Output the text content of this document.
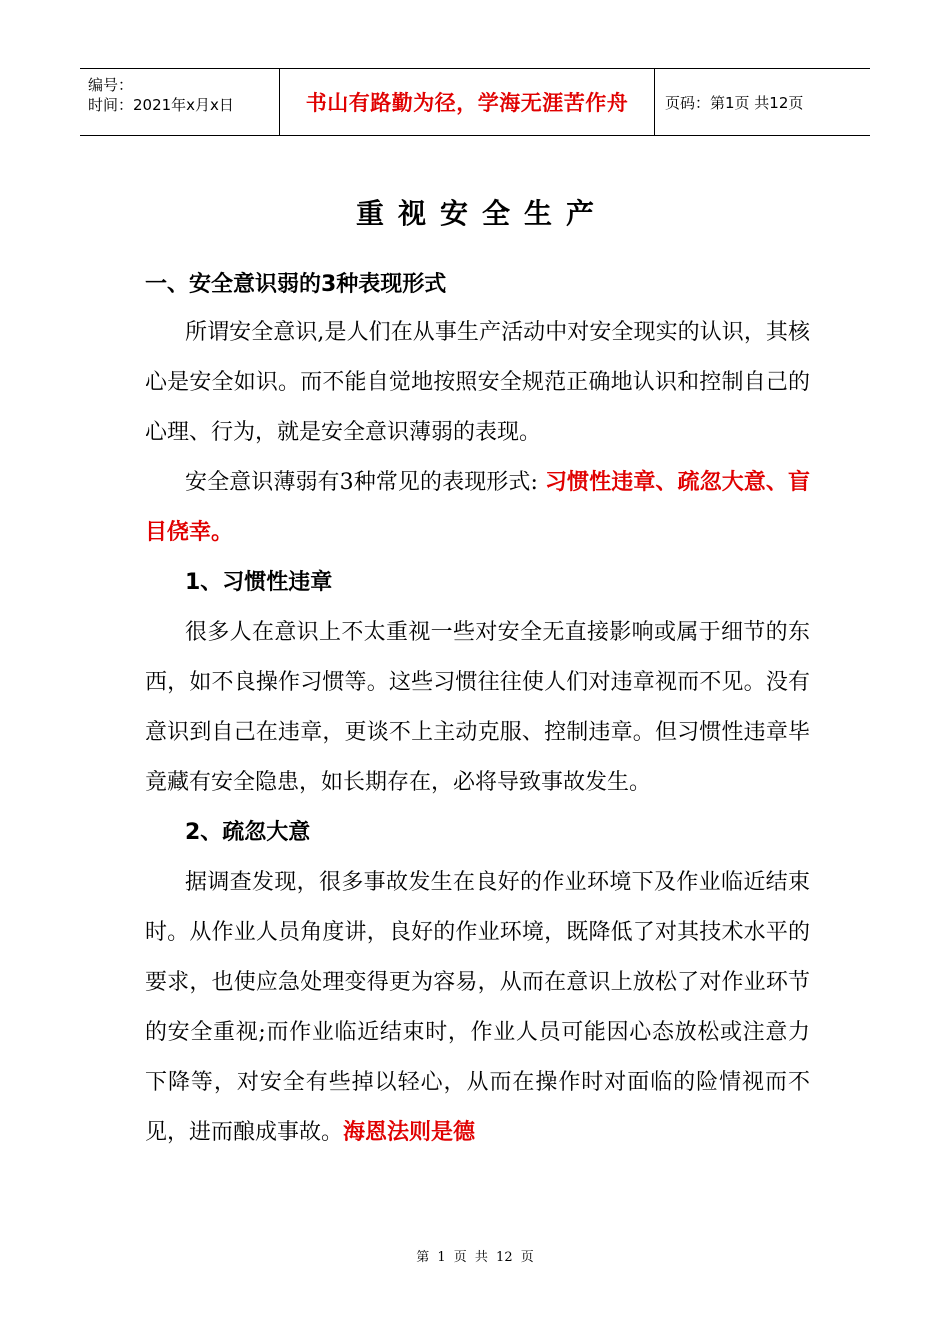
编号：
时间：2021年x月x日	书山有路勤为径，学海无涯苦作舟 页码：第1页 共12页
重视安全生产

一、安全意识弱的3种表现形式

所谓安全意识,是人们在从事生产活动中对安全现实的认识，其核心是安全如识。而不能自觉地按照安全规范正确地认识和控制自己的心理、行为，就是安全意识薄弱的表现。

安全意识薄弱有3种常见的表现形式: 习惯性违章、疏忽大意、盲目侥幸。

1、习惯性违章

很多人在意识上不太重视一些对安全无直接影响或属于细节的东西，如不良操作习惯等。这些习惯往往使人们对违章视而不见。没有意识到自己在违章，更谈不上主动克服、控制违章。但习惯性违章毕竟藏有安全隐患，如长期存在，必将导致事故发生。

2、疏忽大意

据调查发现，很多事故发生在良好的作业环境下及作业临近结束时。从作业人员角度讲，良好的作业环境，既降低了对其技术水平的要求，也使应急处理变得更为容易，从而在意识上放松了对作业环节的安全重视;而作业临近结束时，作业人员可能因心态放松或注意力下降等，对安全有些掉以轻心，从而在操作时对面临的险情视而不见，进而酿成事故。海恩法则是德

第 1 页 共 12 页
